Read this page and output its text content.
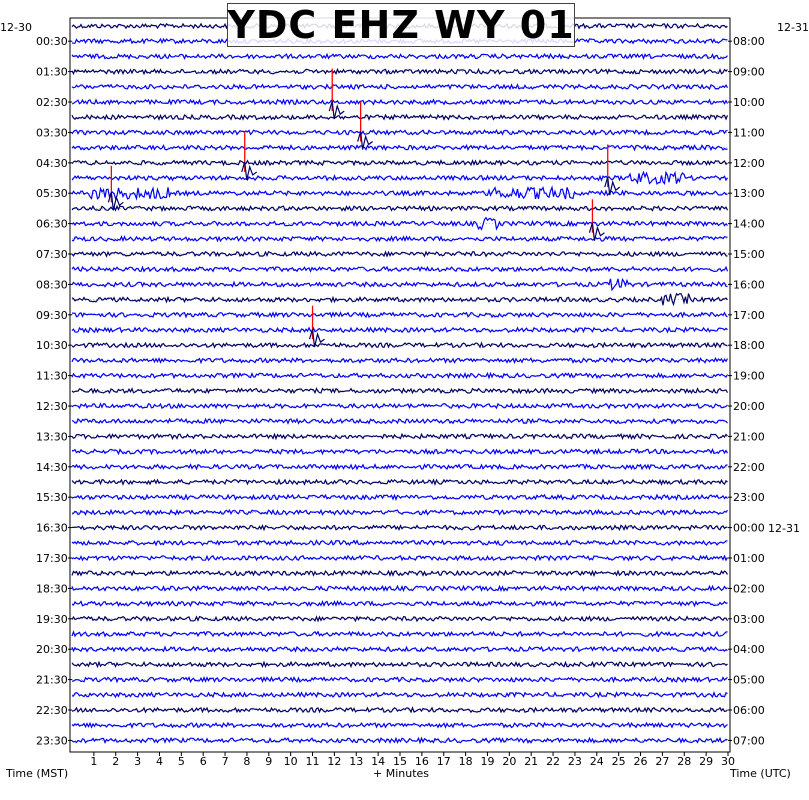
00:30
01:30
02:30
03:30
04:30
05:30
06:30
07:30
08:30
09:30
10:30
11:30
12:30
13:30
14:30
15:30
16:30
17:30
18:30
19:30
20:30
21:30
22:30
23:30
08:00
09:00
10:00
11:00
12:00
13:00
14:00
15:00
16:00
17:00
18:00
19:00
20:00
21:00
22:00
23:00
00:00
01:00
02:00
03:00
04:00
05:00
06:00
07:00
1 2 3 4 5 6 7 8 9 10 11 12 13 14 15 16 17 18 19 20 21 22 23 24 25 26 27 28 29 30
YDC EHZ WY 01
12-30	12-31
12-31
Time (MST)	+ Minutes	Time (UTC)
